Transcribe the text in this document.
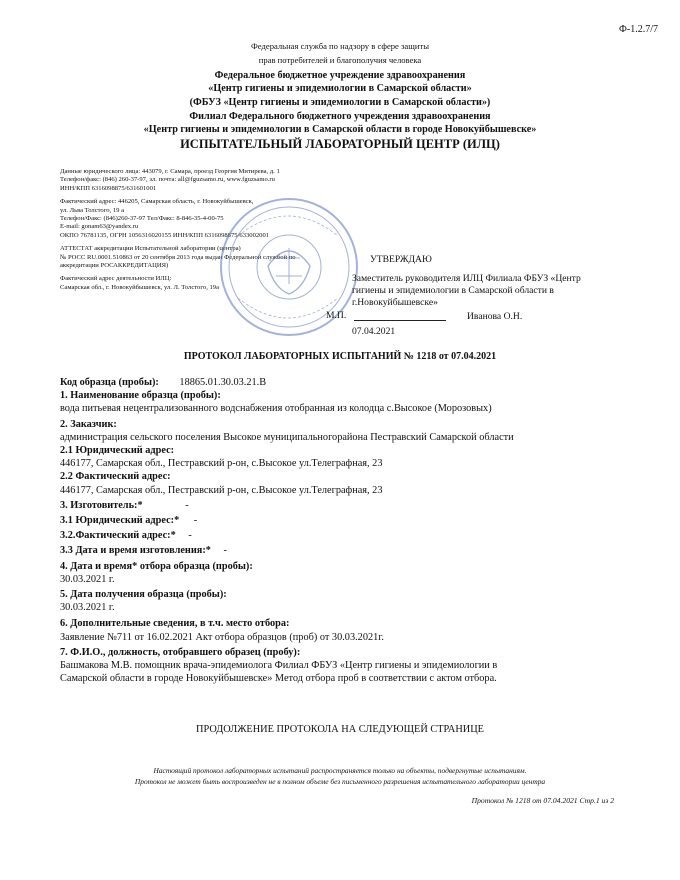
Ф-1.2.7/7
Федеральная служба по надзору в сфере защиты
прав потребителей и благополучия человека
Федеральное бюджетное учреждение здравоохранения
«Центр гигиены и эпидемиологии в Самарской области»
(ФБУЗ «Центр гигиены и эпидемиологии в Самарской области»)
Филиал Федерального бюджетного учреждения здравоохранения
«Центр гигиены и эпидемиологии в Самарской области в городе Новокуйбышевске»
ИСПЫТАТЕЛЬНЫЙ ЛАБОРАТОРНЫЙ ЦЕНТР (ИЛЦ)
Данные юридического лица: 443079, г. Самара, проезд Георгия Митирева, д. 1
Телефон/факс: (846) 260-37-97, эл. почта: all@fguzsamo.ru, www.fguzsamo.ru
ИНН/КПП 6316098875/631601001
Фактический адрес: 446205, Самарская область, г. Новокуйбышевск,
ул. Льва Толстого, 19 а
Телефон/Факс: (846)260-37-97 Тел/Факс: 8-846-35-4-00-75
E-mail: gonam63@yandex.ru
ОКПО 76781135, ОГРН 1056316020155 ИНН/КПП 6316098875/633002001
АТТЕСТАТ аккредитации Испытательной лаборатории (центра)
№ РОСС RU.0001.510863 от 20 сентября 2013 года выдан Федеральной службой по
аккредитации РОСАККРЕДИТАЦИЯ)
Фактический адрес деятельности ИЛЦ:
Самарская обл., г. Новокуйбышевск, ул. Л. Толстого, 19а
УТВЕРЖДАЮ
Заместитель руководителя ИЛЦ Филиала ФБУЗ «Центр
гигиены и эпидемиологии в Самарской области в
г.Новокуйбышевске»
М.П.	Иванова О.Н.
07.04.2021
ПРОТОКОЛ ЛАБОРАТОРНЫХ ИСПЫТАНИЙ № 1218 от 07.04.2021
Код образца (пробы): 18865.01.30.03.21.В
1. Наименование образца (пробы):
вода питьевая нецентрализованного водснабжения отобранная из колодца с.Высокое (Морозовых)
2. Заказчик:
администрация сельского поселения Высокое муниципальногорайона Пестравский Самарской области
2.1 Юридический адрес:
446177, Самарская обл., Пестравский р-он, с.Высокое ул.Телеграфная, 23
2.2 Фактический адрес:
446177, Самарская обл., Пестравский р-он, с.Высокое ул.Телеграфная, 23
3. Изготовитель:*	-
3.1 Юридический адрес:* -
3.2.Фактический адрес:* -
3.3 Дата и время изготовления:* -
4. Дата и время* отбора образца (пробы):
30.03.2021 г.
5. Дата получения образца (пробы):
30.03.2021 г.
6. Дополнительные сведения, в т.ч. место отбора:
Заявление №711 от 16.02.2021 Акт отбора образцов (проб) от 30.03.2021г.
7. Ф.И.О., должность, отобравшего образец (пробу):
Башмакова М.В. помощник врача-эпидемиолога Филиал ФБУЗ «Центр гигиены и эпидемиологии в
Самарской области в городе Новокуйбышевске» Метод отбора проб в соответствии с актом отбора.
ПРОДОЛЖЕНИЕ ПРОТОКОЛА НА СЛЕДУЮЩЕЙ СТРАНИЦЕ
Настоящий протокол лабораторных испытаний распространяется только на объекты, подвергнутые испытаниям.
Протокол не может быть воспроизведен не в полном объеме без письменного разрешения испытательного лаборатории центра
Протокол № 1218 от 07.04.2021 Стр.1 из 2
